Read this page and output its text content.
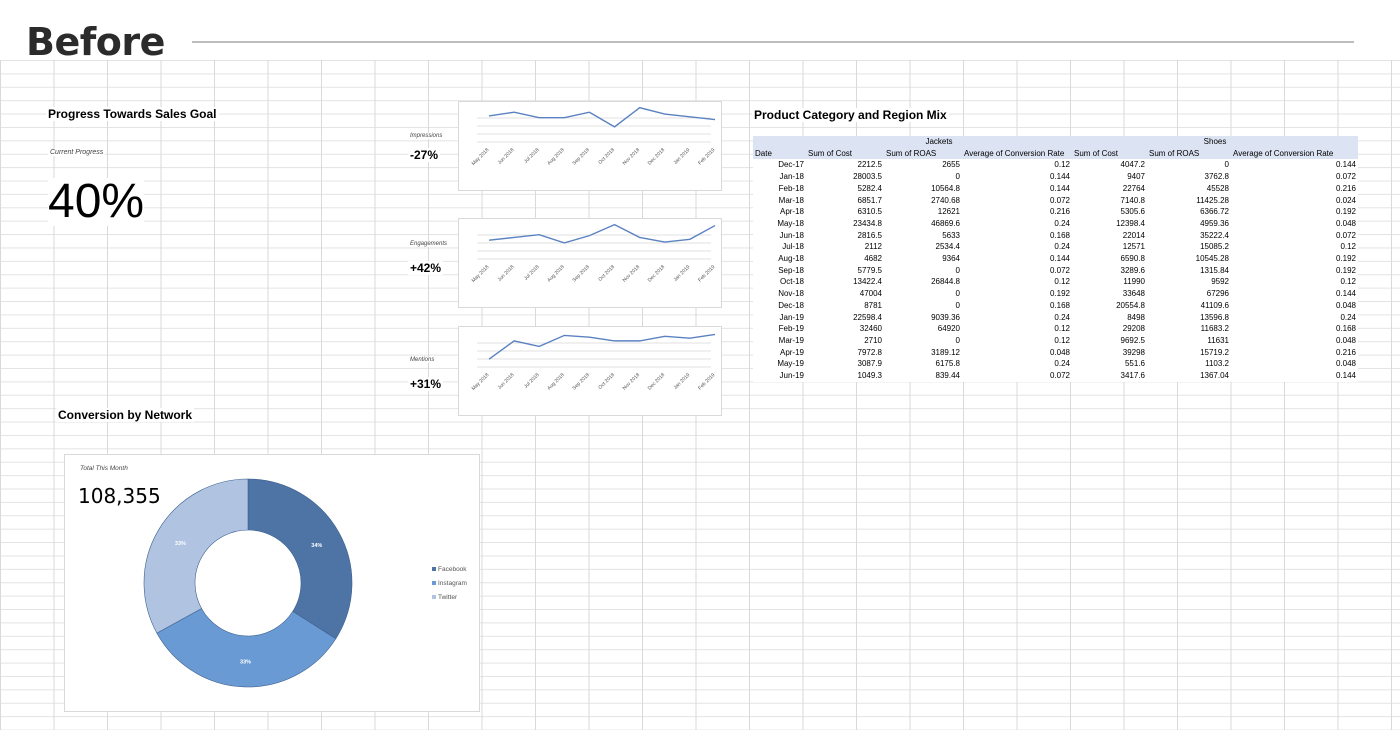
Before
Progress Towards Sales Goal
Current Progress
40%
Impressions
-27%
Engagements
+42%
Mentions
+31%
May 2018 Jun 2018 Jul 2018 Aug 2018 Sep 2018 Oct 2018 Nov 2018 Dec 2018 Jan 2019 Feb 2019
May 2018 Jun 2018 Jul 2018 Aug 2018 Sep 2018 Oct 2018 Nov 2018 Dec 2018 Jan 2019 Feb 2019
May 2018 Jun 2018 Jul 2018 Aug 2018 Sep 2018 Oct 2018 Nov 2018 Dec 2018 Jan 2019 Feb 2019
Product Category and Region Mix
	Jackets			Shoes		
Date	Sum of Cost	Sum of ROAS	Average of Conversion Rate	Sum of Cost	Sum of ROAS	Average of Conversion Rate
Dec-17	2212.5	2655	0.12	4047.2	0	0.144
Jan-18	28003.5	0	0.144	9407	3762.8	0.072
Feb-18	5282.4	10564.8	0.144	22764	45528	0.216
Mar-18	6851.7	2740.68	0.072	7140.8	11425.28	0.024
Apr-18	6310.5	12621	0.216	5305.6	6366.72	0.192
May-18	23434.8	46869.6	0.24	12398.4	4959.36	0.048
Jun-18	2816.5	5633	0.168	22014	35222.4	0.072
Jul-18	2112	2534.4	0.24	12571	15085.2	0.12
Aug-18	4682	9364	0.144	6590.8	10545.28	0.192
Sep-18	5779.5	0	0.072	3289.6	1315.84	0.192
Oct-18	13422.4	26844.8	0.12	11990	9592	0.12
Nov-18	47004	0	0.192	33648	67296	0.144
Dec-18	8781	0	0.168	20554.8	41109.6	0.048
Jan-19	22598.4	9039.36	0.24	8498	13596.8	0.24
Feb-19	32460	64920	0.12	29208	11683.2	0.168
Mar-19	2710	0	0.12	9692.5	11631	0.048
Apr-19	7972.8	3189.12	0.048	39298	15719.2	0.216
May-19	3087.9	6175.8	0.24	551.6	1103.2	0.048
Jun-19	1049.3	839.44	0.072	3417.6	1367.04	0.144
Conversion by Network
Total This Month
108,355
34%
33%
33%
Facebook
Instagram
Twitter
